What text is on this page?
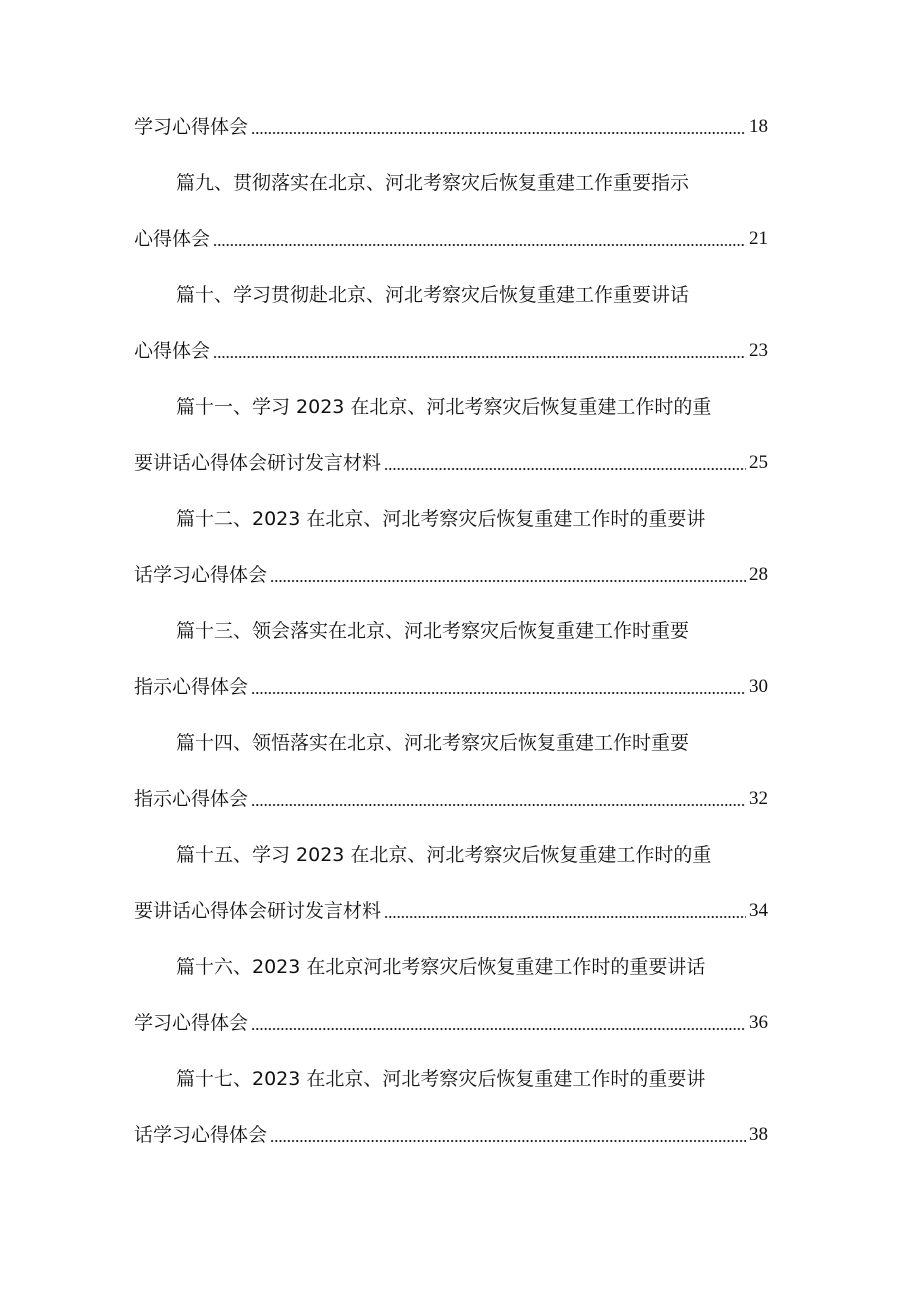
学习心得体会	18
篇九、贯彻落实在北京、河北考察灾后恢复重建工作重要指示
心得体会	21
篇十、学习贯彻赴北京、河北考察灾后恢复重建工作重要讲话
心得体会	23
篇十一、学习 2023 在北京、河北考察灾后恢复重建工作时的重
要讲话心得体会研讨发言材料	25
篇十二、2023 在北京、河北考察灾后恢复重建工作时的重要讲
话学习心得体会	28
篇十三、领会落实在北京、河北考察灾后恢复重建工作时重要
指示心得体会	30
篇十四、领悟落实在北京、河北考察灾后恢复重建工作时重要
指示心得体会	32
篇十五、学习 2023 在北京、河北考察灾后恢复重建工作时的重
要讲话心得体会研讨发言材料	34
篇十六、2023 在北京河北考察灾后恢复重建工作时的重要讲话
学习心得体会	36
篇十七、2023 在北京、河北考察灾后恢复重建工作时的重要讲
话学习心得体会	38
